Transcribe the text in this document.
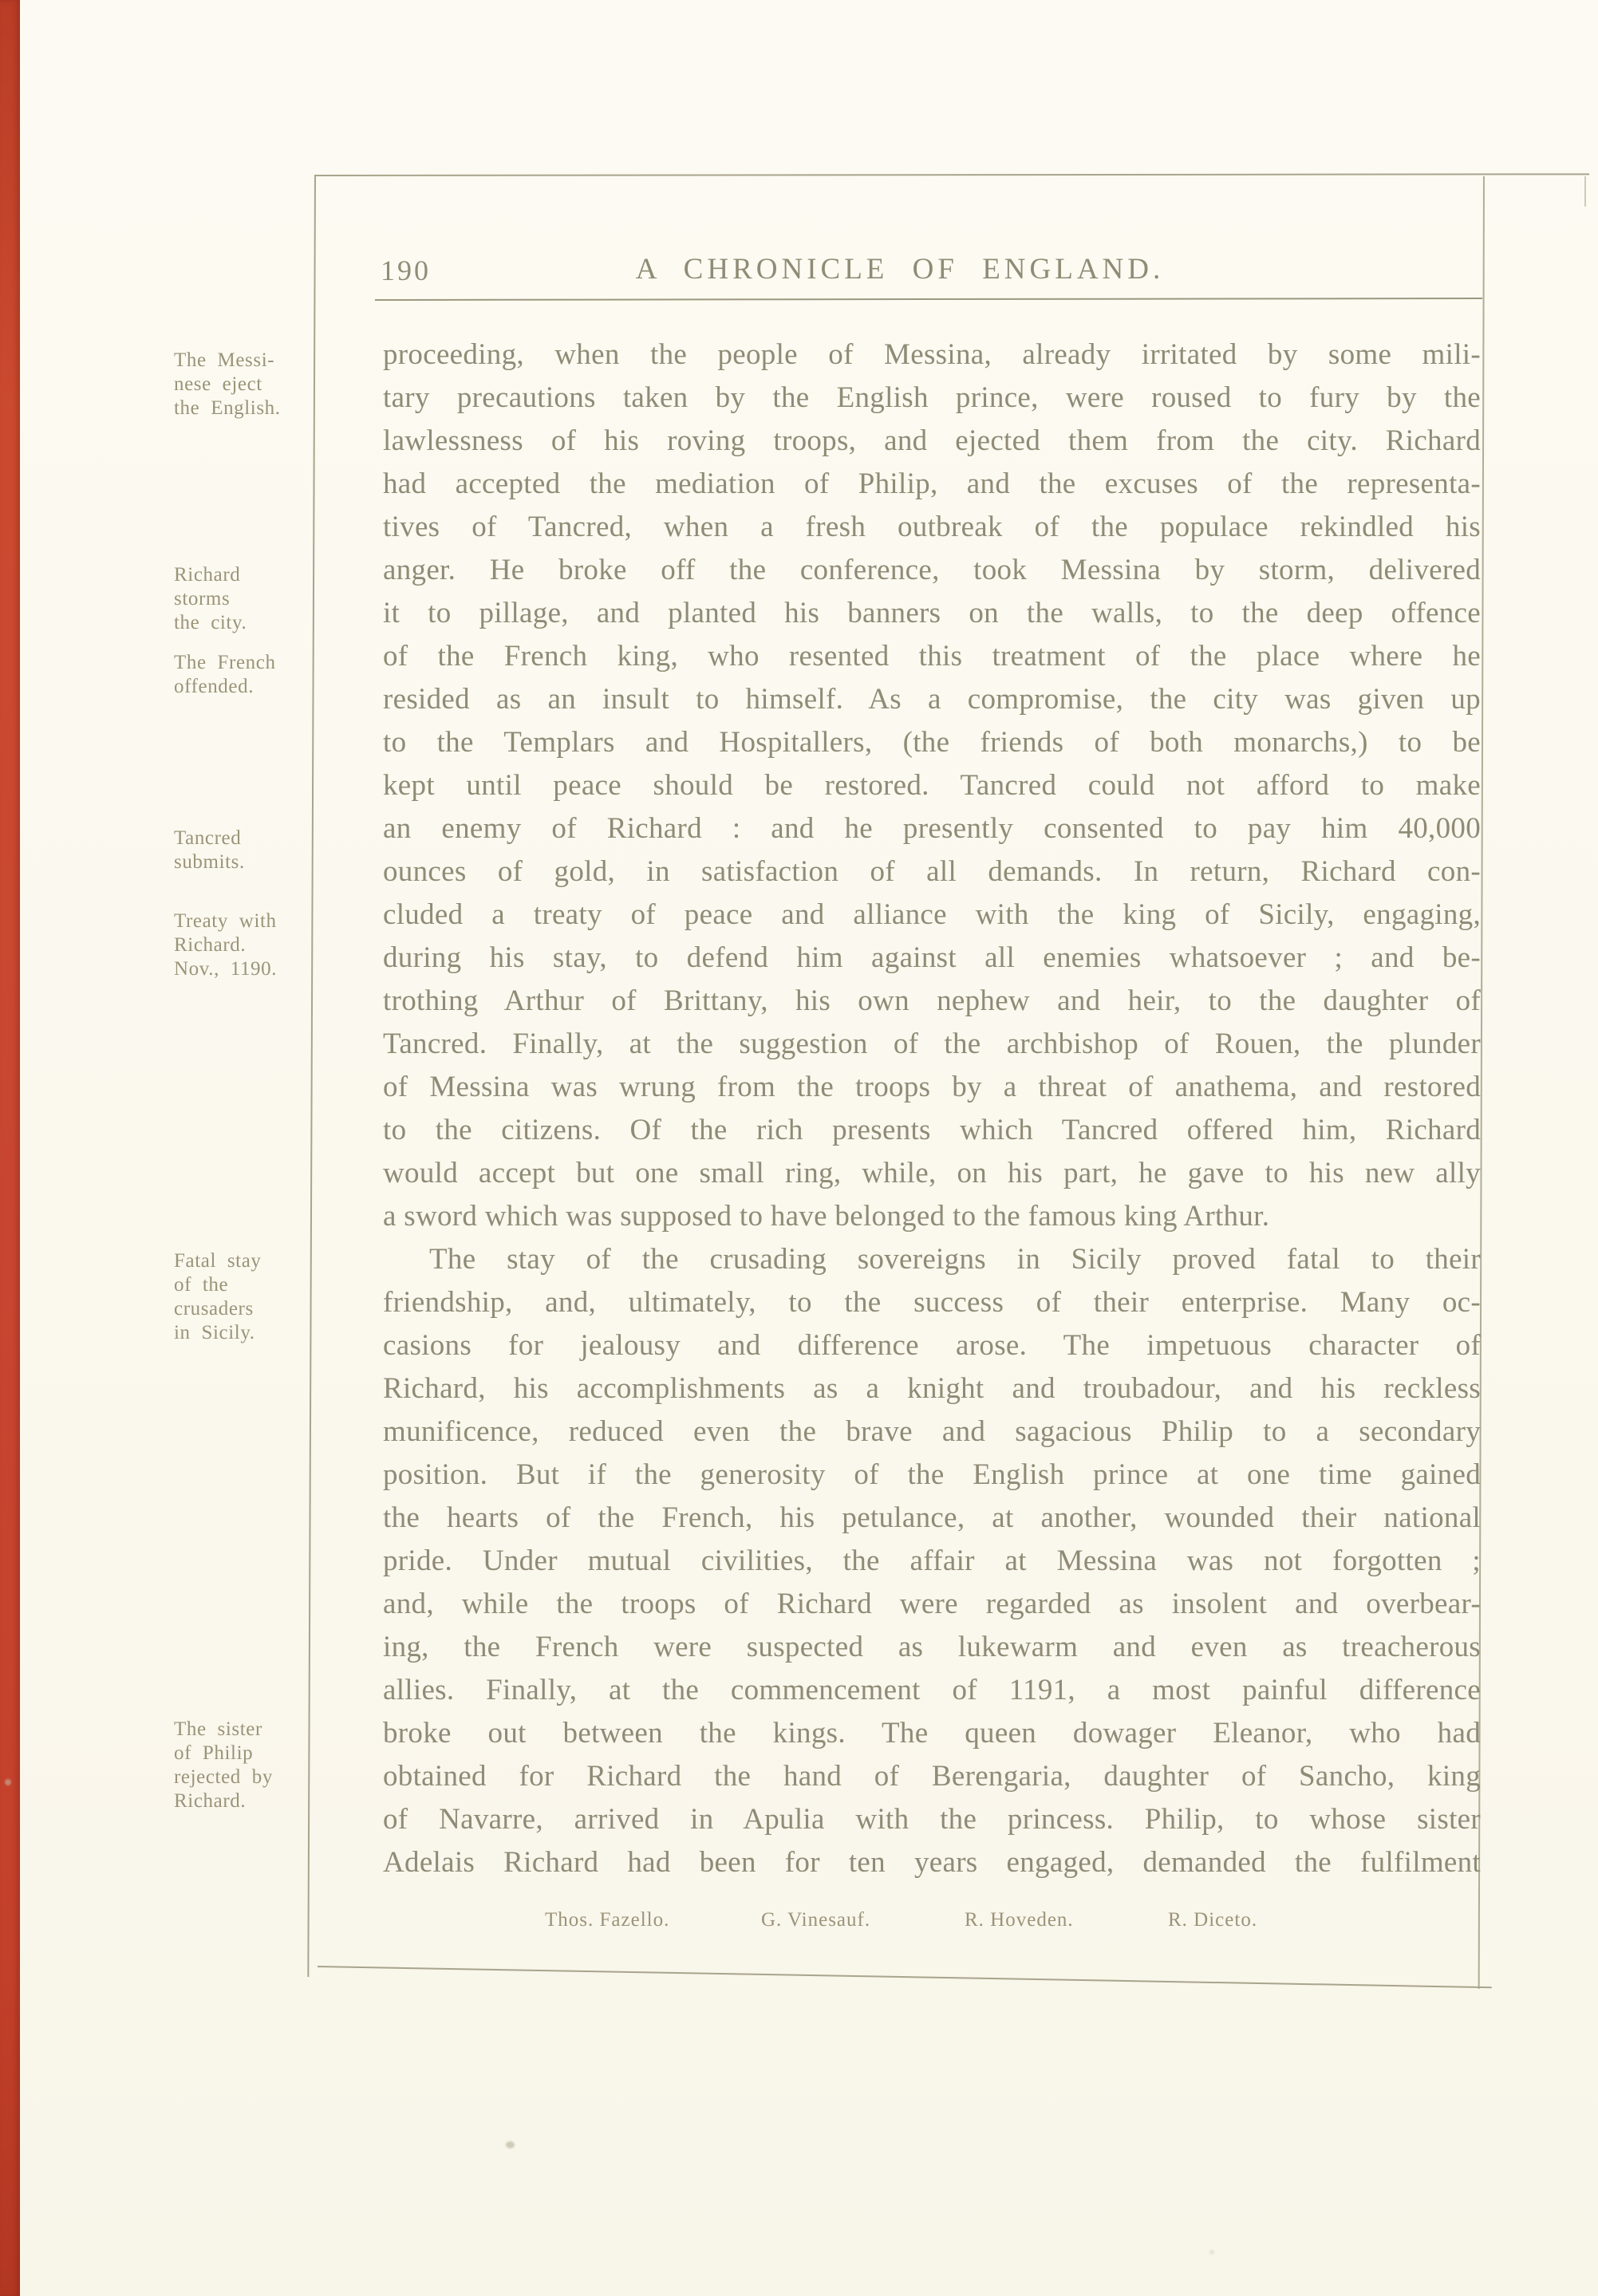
190	A CHRONICLE OF ENGLAND.
The Messi-
nese eject
the English.
Richard
storms
the city.
The French
offended.
Tancred
submits.
Treaty with
Richard.
Nov., 1190.
Fatal stay
of the
crusaders
in Sicily.
The sister
of Philip
rejected by
Richard.
proceeding, when the people of Messina, already irritated by some mili-
tary precautions taken by the English prince, were roused to fury by the
lawlessness of his roving troops, and ejected them from the city. Richard
had accepted the mediation of Philip, and the excuses of the representa-
tives of Tancred, when a fresh outbreak of the populace rekindled his
anger. He broke off the conference, took Messina by storm, delivered
it to pillage, and planted his banners on the walls, to the deep offence
of the French king, who resented this treatment of the place where he
resided as an insult to himself. As a compromise, the city was given up
to the Templars and Hospitallers, (the friends of both monarchs,) to be
kept until peace should be restored. Tancred could not afford to make
an enemy of Richard : and he presently consented to pay him 40,000
ounces of gold, in satisfaction of all demands. In return, Richard con-
cluded a treaty of peace and alliance with the king of Sicily, engaging,
during his stay, to defend him against all enemies whatsoever ; and be-
trothing Arthur of Brittany, his own nephew and heir, to the daughter of
Tancred. Finally, at the suggestion of the archbishop of Rouen, the plunder
of Messina was wrung from the troops by a threat of anathema, and restored
to the citizens. Of the rich presents which Tancred offered him, Richard
would accept but one small ring, while, on his part, he gave to his new ally
a sword which was supposed to have belonged to the famous king Arthur.
The stay of the crusading sovereigns in Sicily proved fatal to their
friendship, and, ultimately, to the success of their enterprise. Many oc-
casions for jealousy and difference arose. The impetuous character of
Richard, his accomplishments as a knight and troubadour, and his reckless
munificence, reduced even the brave and sagacious Philip to a secondary
position. But if the generosity of the English prince at one time gained
the hearts of the French, his petulance, at another, wounded their national
pride. Under mutual civilities, the affair at Messina was not forgotten ;
and, while the troops of Richard were regarded as insolent and overbear-
ing, the French were suspected as lukewarm and even as treacherous
allies. Finally, at the commencement of 1191, a most painful difference
broke out between the kings. The queen dowager Eleanor, who had
obtained for Richard the hand of Berengaria, daughter of Sancho, king
of Navarre, arrived in Apulia with the princess. Philip, to whose sister
Adelais Richard had been for ten years engaged, demanded the fulfilment
Thos. Fazello.	G. Vinesauf.	R. Hoveden.	R. Diceto.
